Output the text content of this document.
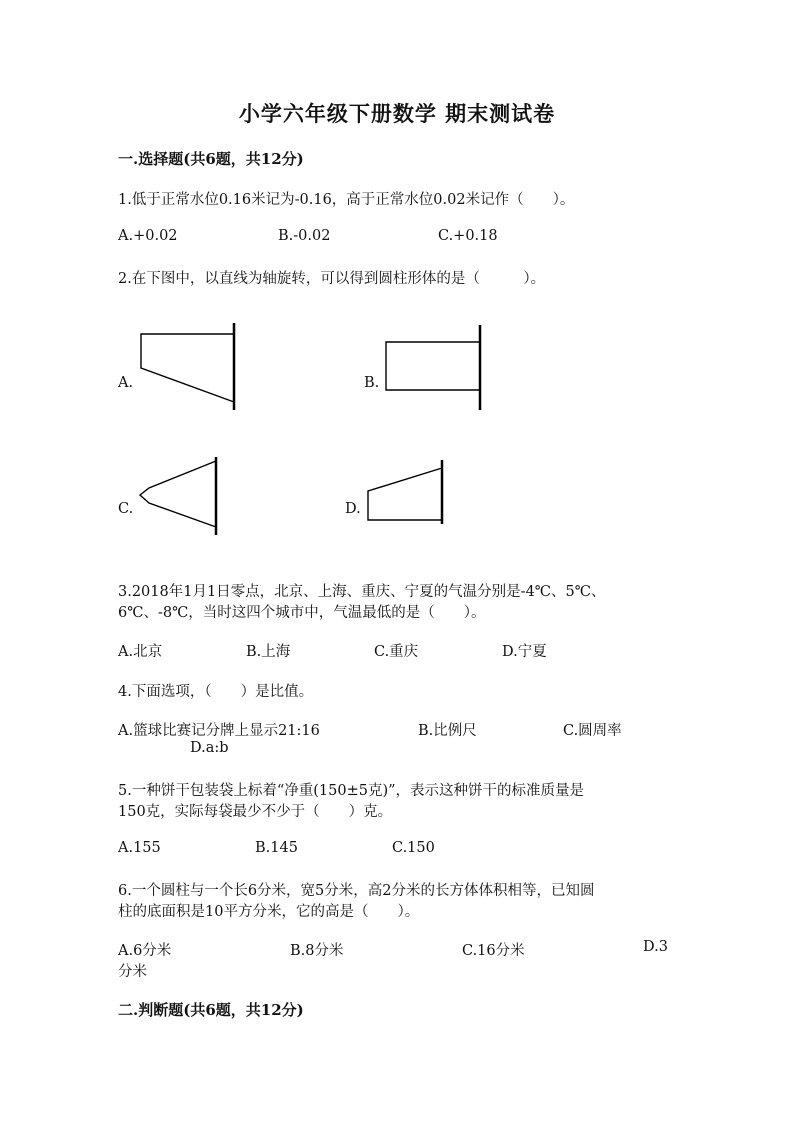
小学六年级下册数学 期末测试卷
一.选择题(共6题，共12分)
1.低于正常水位0.16米记为-0.16，高于正常水位0.02米记作（　　）。
A.+0.02	B.-0.02	C.+0.18
2.在下图中，以直线为轴旋转，可以得到圆柱形体的是（　　　）。
A.	B.
C.	D.
3.2018年1月1日零点，北京、上海、重庆、宁夏的气温分别是-4℃、5℃、
6℃、-8℃，当时这四个城市中，气温最低的是（　　）。
A.北京	B.上海	C.重庆	D.宁夏
4.下面选项，（　　）是比值。
A.篮球比赛记分牌上显示21:16	B.比例尺	C.圆周率
D.a:b
5.一种饼干包装袋上标着“净重(150±5克)”，表示这种饼干的标准质量是
150克，实际每袋最少不少于（　　）克。
A.155	B.145	C.150
6.一个圆柱与一个长6分米，宽5分米，高2分米的长方体体积相等，已知圆
柱的底面积是10平方分米，它的高是（　　）。
A.6分米	B.8分米	C.16分米	D.3
分米
二.判断题(共6题，共12分)
